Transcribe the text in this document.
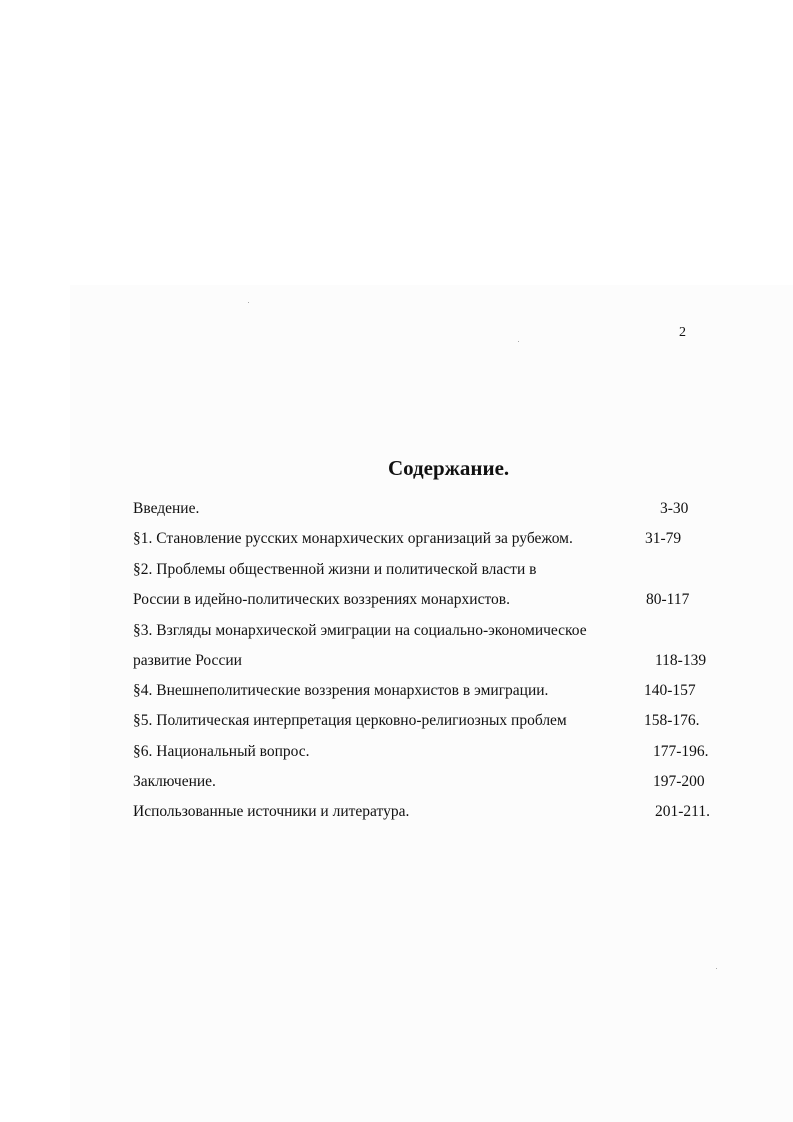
2
Содержание.
Введение.	3-30
§1. Становление русских монархических организаций за рубежом.	31-79
§2. Проблемы общественной жизни и политической власти в
России в идейно-политических воззрениях монархистов.	80-117
§3. Взгляды монархической эмиграции на социально-экономическое
развитие России	118-139
§4. Внешнеполитические воззрения монархистов в эмиграции.	140-157
§5. Политическая интерпретация церковно-религиозных проблем	158-176.
§6. Национальный вопрос.	177-196.
Заключение.	197-200
Использованные источники и литература.	201-211.
